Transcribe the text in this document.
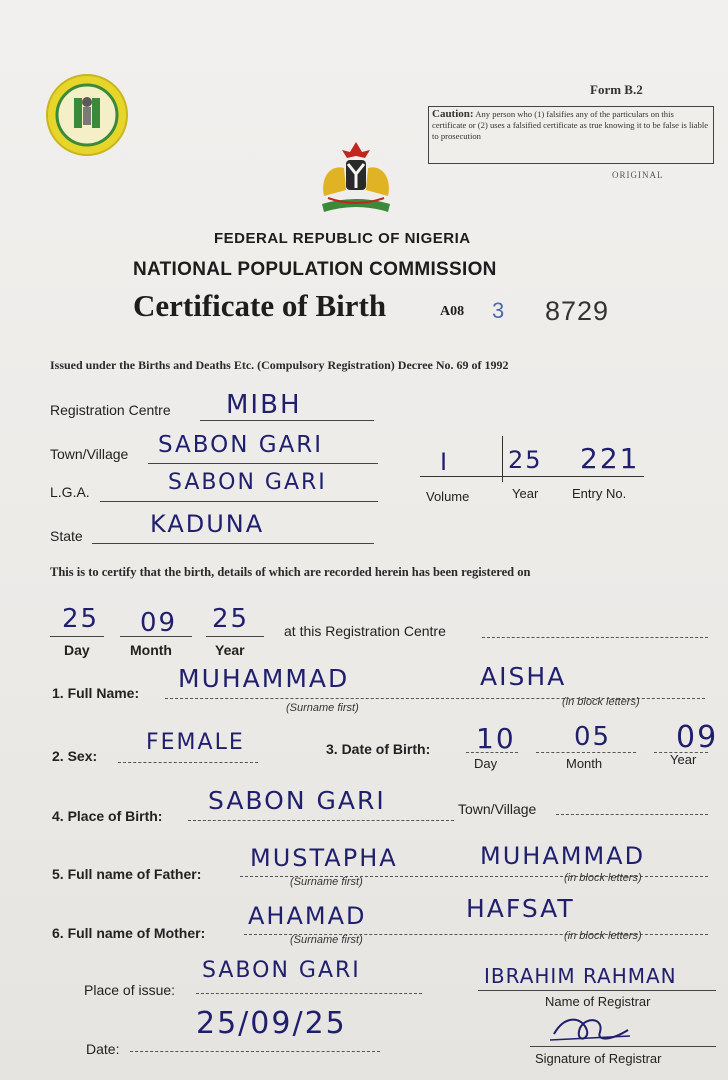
Form B.2
Caution: Any person who (1) falsifies any of the particulars on this certificate or (2) uses a falsified certificate as true knowing it to be false is liable to prosecution
ORIGINAL
FEDERAL REPUBLIC OF NIGERIA
NATIONAL POPULATION COMMISSION
Certificate of Birth	A08 3 8729
Issued under the Births and Deaths Etc. (Compulsory Registration) Decree No. 69 of 1992
Registration Centre MIBH
Town/Village SABON GARI
L.G.A.	SABON GARI
State	KADUNA
I 25 221
Volume	Year	Entry No.
This is to certify that the birth, details of which are recorded herein has been registered on
25 09 25
Day	Month	Year
at this Registration Centre
1. Full Name: MUHAMMAD	AISHA
(Surname first)	(in block letters)
2. Sex:
FEMALE	3. Date of Birth: 10 05 09
Day	Month	Year
4. Place of Birth:
SABON GARI	Town/Village
5. Full name of Father:
MUSTAPHA	MUHAMMAD
(Surname first)	(in block letters)
6. Full name of Mother:
AHAMAD	HAFSAT
(Surname first)	(in block letters)
Place of issue:
SABON GARI	IBRAHIM RAHMAN
Name of Registrar
Date:
25/09/25
Signature of Registrar
